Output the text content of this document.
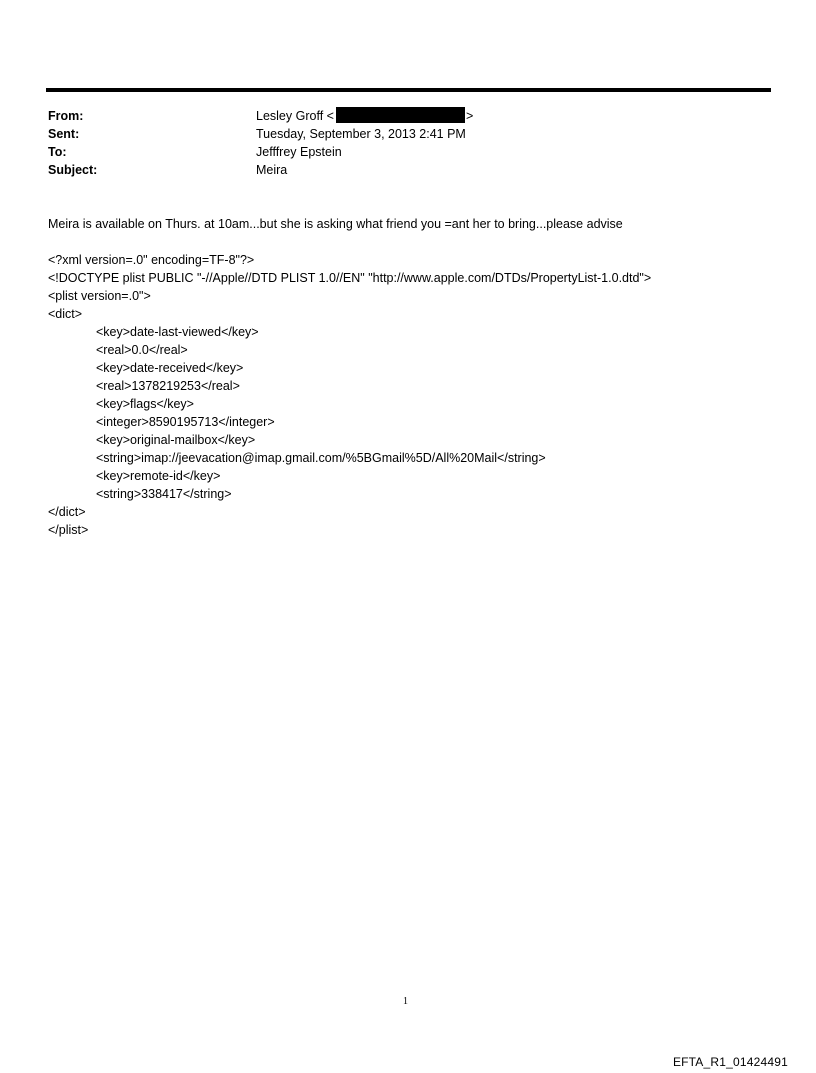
From:	Lesley Groff <	>
Sent:	Tuesday, September 3, 2013 2:41 PM
To:	Jefffrey Epstein
Subject:	Meira
Meira is available on Thurs. at 10am...but she is asking what friend you =ant her to bring...please advise
<?xml version=.0" encoding=TF-8"?>
<!DOCTYPE plist PUBLIC "-//Apple//DTD PLIST 1.0//EN" "http://www.apple.com/DTDs/PropertyList-1.0.dtd">
<plist version=.0">
<dict>
<key>date-last-viewed</key>
<real>0.0</real>
<key>date-received</key>
<real>1378219253</real>
<key>flags</key>
<integer>8590195713</integer>
<key>original-mailbox</key>
<string>imap://jeevacation@imap.gmail.com/%5BGmail%5D/All%20Mail</string>
<key>remote-id</key>
<string>338417</string>
</dict>
</plist>
1
EFTA_R1_01424491
